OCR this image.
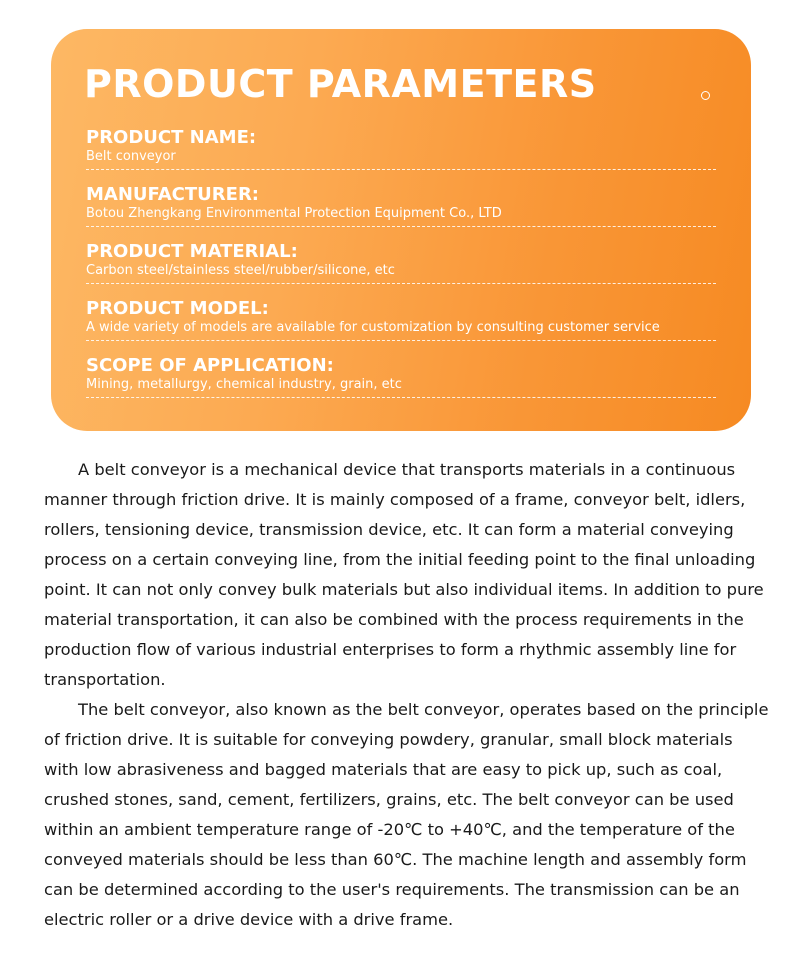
PRODUCT PARAMETERS
PRODUCT NAME:
Belt conveyor
MANUFACTURER:
Botou Zhengkang Environmental Protection Equipment Co., LTD
PRODUCT MATERIAL:
Carbon steel/stainless steel/rubber/silicone, etc
PRODUCT MODEL:
A wide variety of models are available for customization by consulting customer service
SCOPE OF APPLICATION:
Mining, metallurgy, chemical industry, grain, etc

A belt conveyor is a mechanical device that transports materials in a continuous manner through friction drive. It is mainly composed of a frame, conveyor belt, idlers, rollers, tensioning device, transmission device, etc. It can form a material conveying process on a certain conveying line, from the initial feeding point to the final unloading point. It can not only convey bulk materials but also individual items. In addition to pure material transportation, it can also be combined with the process requirements in the production flow of various industrial enterprises to form a rhythmic assembly line for transportation.

The belt conveyor, also known as the belt conveyor, operates based on the principle of friction drive. It is suitable for conveying powdery, granular, small block materials with low abrasiveness and bagged materials that are easy to pick up, such as coal, crushed stones, sand, cement, fertilizers, grains, etc. The belt conveyor can be used within an ambient temperature range of -20℃ to +40℃, and the temperature of the conveyed materials should be less than 60℃. The machine length and assembly form can be determined according to the user's requirements. The transmission can be an electric roller or a drive device with a drive frame.
